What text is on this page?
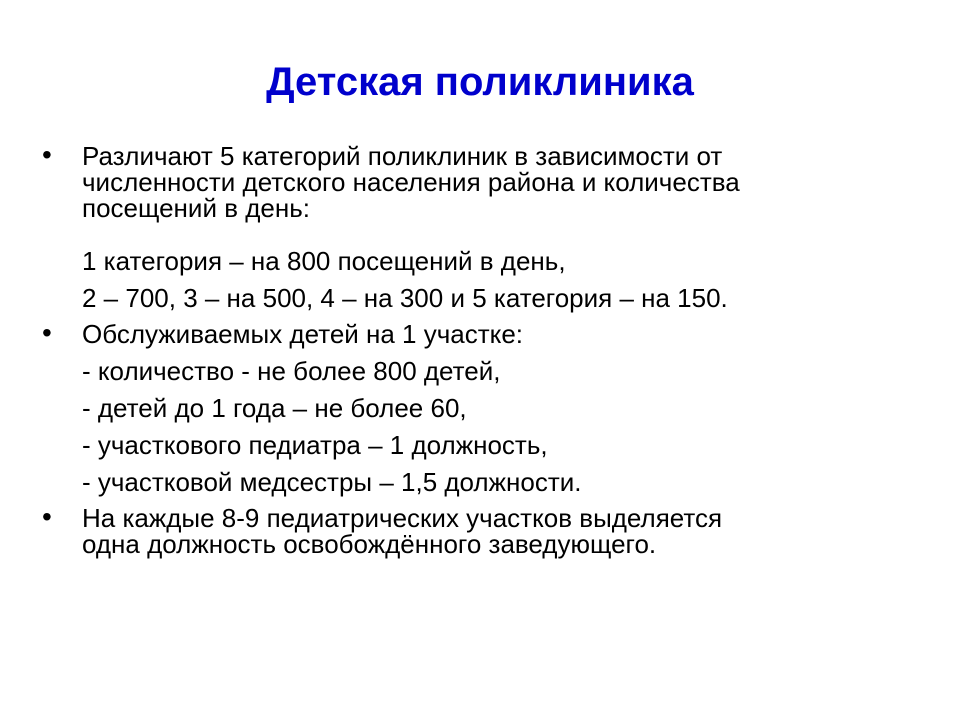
Детская поликлиника
• Различают 5 категорий поликлиник в зависимости от
численности детского населения района и количества
посещений в день:

1 категория – на 800 посещений в день,

2 – 700, 3 – на 500, 4 – на 300 и 5 категория – на 150.

• Обслуживаемых детей на 1 участке:

- количество - не более 800 детей,

- детей до 1 года – не более 60,

- участкового педиатра – 1 должность,

- участковой медсестры – 1,5 должности.

• На каждые 8-9 педиатрических участков выделяется
одна должность освобождённого заведующего.
